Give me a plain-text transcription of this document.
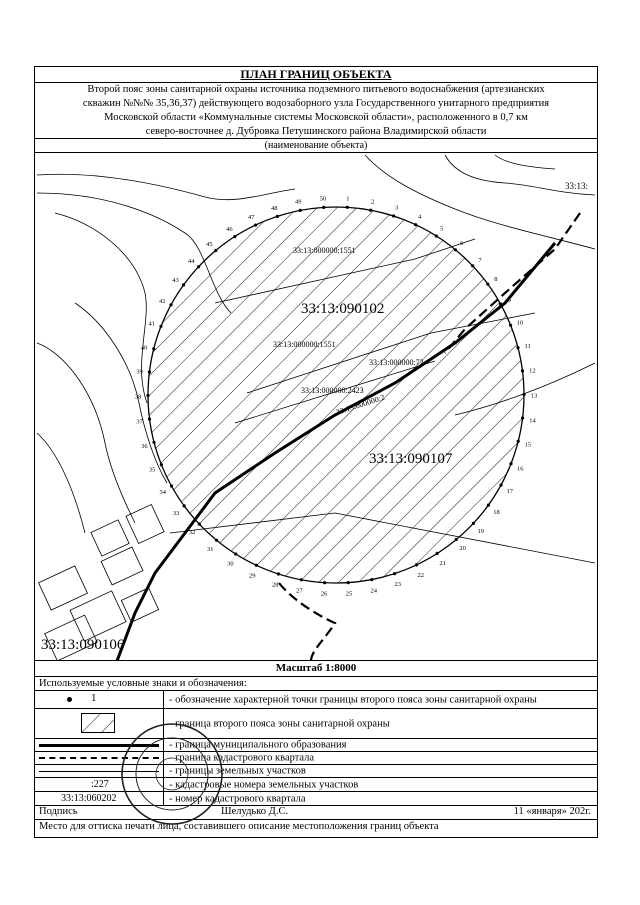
ПЛАН ГРАНИЦ ОБЪЕКТА
Второй пояс зоны санитарной охраны источника подземного питьевого водоснабжения (артезианских
скважин №№№ 35,36,37) действующего водозаборного узла Государственного унитарного предприятия
Московской области «Коммунальные системы Московской области», расположенного в 0,7 км
северо-восточнее д. Дубровка Петушинского района Владимирской области
(наименование объекта)
1	2
3
4
5
6
7
8
9
10
11
12
13
14
15
16
17
18
19
20
21
22
23
24
25
26
27
28
29
30
31
32
33
34
35
36
37
38
39
40
41
42
43
44
45
46
47
48
49	50
33:13:090102
33:13:090107
33:13:090106
33:13:
33:13:000000:1551
33:13:000000:1551
33:13:000000:72
33:13:000000:2423
33:13:000000:2
Масштаб 1:8000
Используемые условные знаки и обозначения:
1	- обозначение характерной точки границы второго пояса зоны санитарной охраны
- граница второго пояса зоны санитарной охраны
- граница муниципального образования
- граница кадастрового квартала
- границы земельных участков
:227	- кадастровые номера земельных участков
33:13:060202	- номер кадастрового квартала
Подпись	Шелудько Д.С.	11 «января» 202г.
Место для оттиска печати лица, составившего описание местоположения границ объекта
